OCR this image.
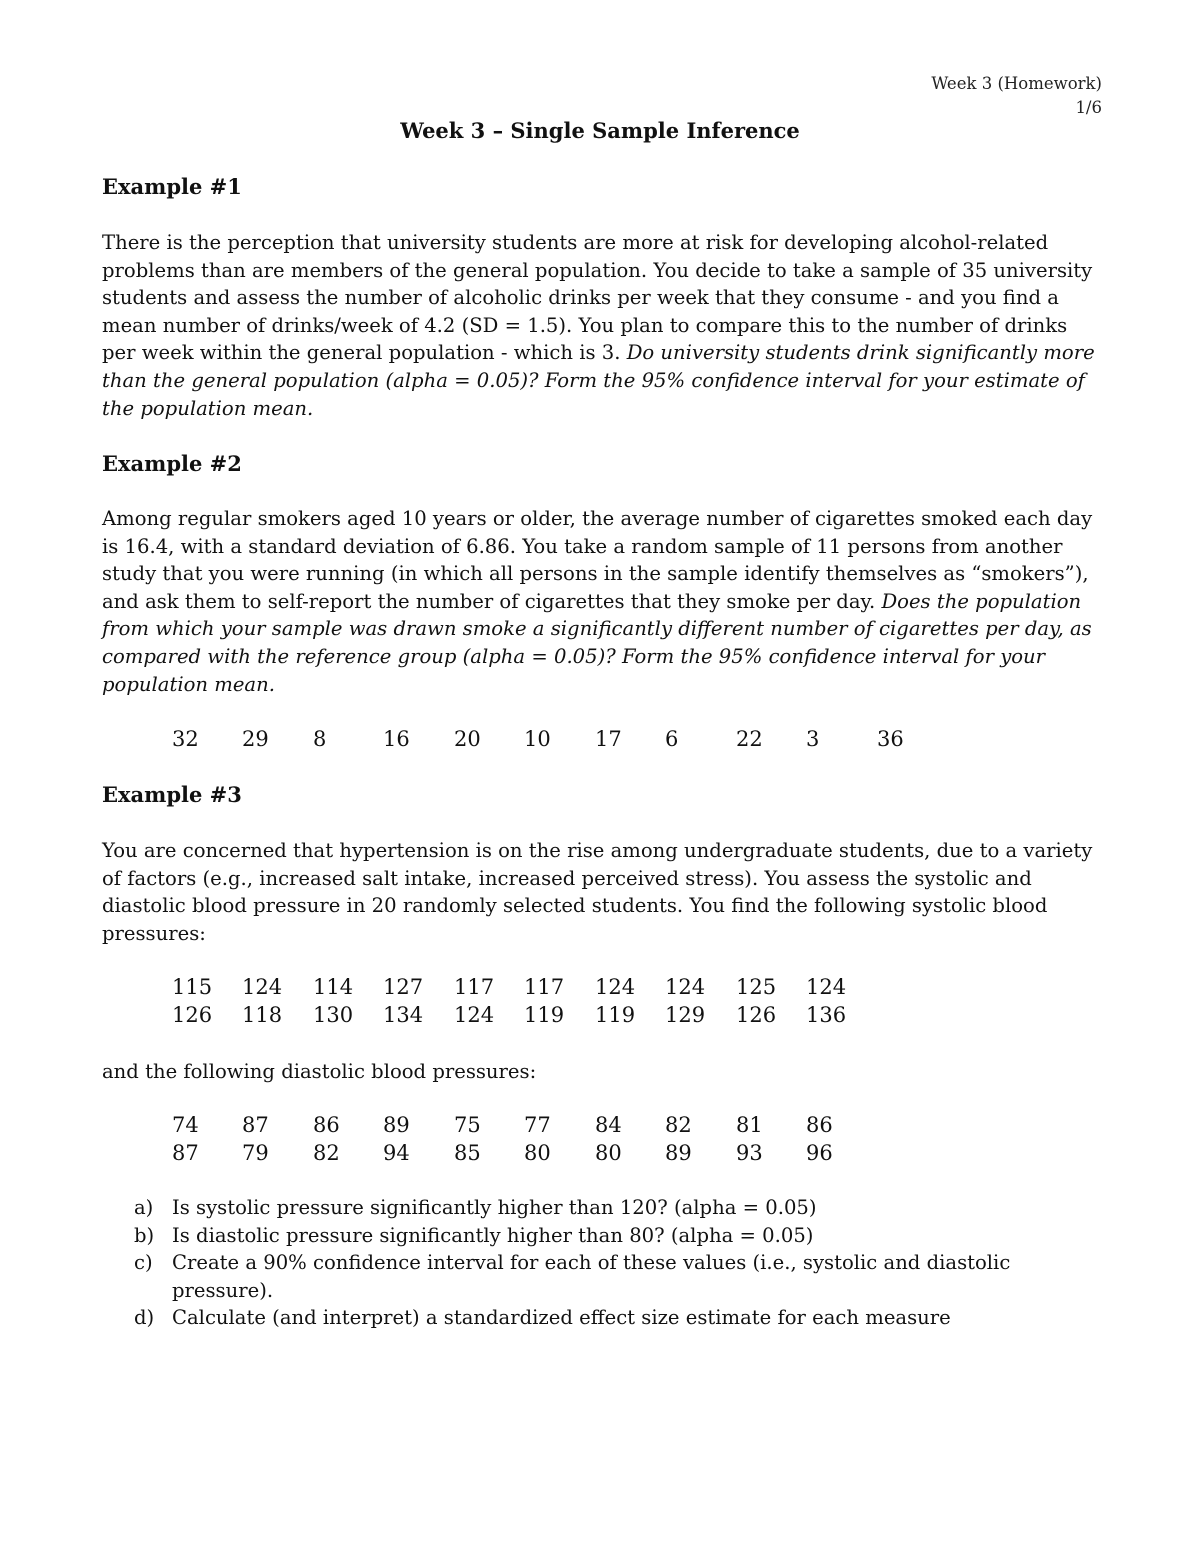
Week 3 (Homework)
1/6
Week 3 – Single Sample Inference
Example #1

There is the perception that university students are more at risk for developing alcohol-related problems than are members of the general population. You decide to take a sample of 35 university students and assess the number of alcoholic drinks per week that they consume - and you find a mean number of drinks/week of 4.2 (SD = 1.5). You plan to compare this to the number of drinks per week within the general population - which is 3. Do university students drink significantly more than the general population (alpha = 0.05)? Form the 95% confidence interval for your estimate of the population mean.

Example #2

Among regular smokers aged 10 years or older, the average number of cigarettes smoked each day is 16.4, with a standard deviation of 6.86. You take a random sample of 11 persons from another study that you were running (in which all persons in the sample identify themselves as “smokers”), and ask them to self-report the number of cigarettes that they smoke per day. Does the population from which your sample was drawn smoke a significantly different number of cigarettes per day, as compared with the reference group (alpha = 0.05)? Form the 95% confidence interval for your population mean.

32 29 8	16 20 10 17 6	22 3	36
Example #3

You are concerned that hypertension is on the rise among undergraduate students, due to a variety of factors (e.g., increased salt intake, increased perceived stress). You assess the systolic and diastolic blood pressure in 20 randomly selected students. You find the following systolic blood pressures:

115 124 114 127 117 117 124 124 125 124
126 118 130 134 124 119 119 129 126 136

and the following diastolic blood pressures:

74 87 86 89 75 77 84 82 81 86
87 79 82 94 85 80 80 89 93 96
a) Is systolic pressure significantly higher than 120? (alpha = 0.05)
b) Is diastolic pressure significantly higher than 80? (alpha = 0.05)
c) Create a 90% confidence interval for each of these values (i.e., systolic and diastolic pressure).
d) Calculate (and interpret) a standardized effect size estimate for each measure
